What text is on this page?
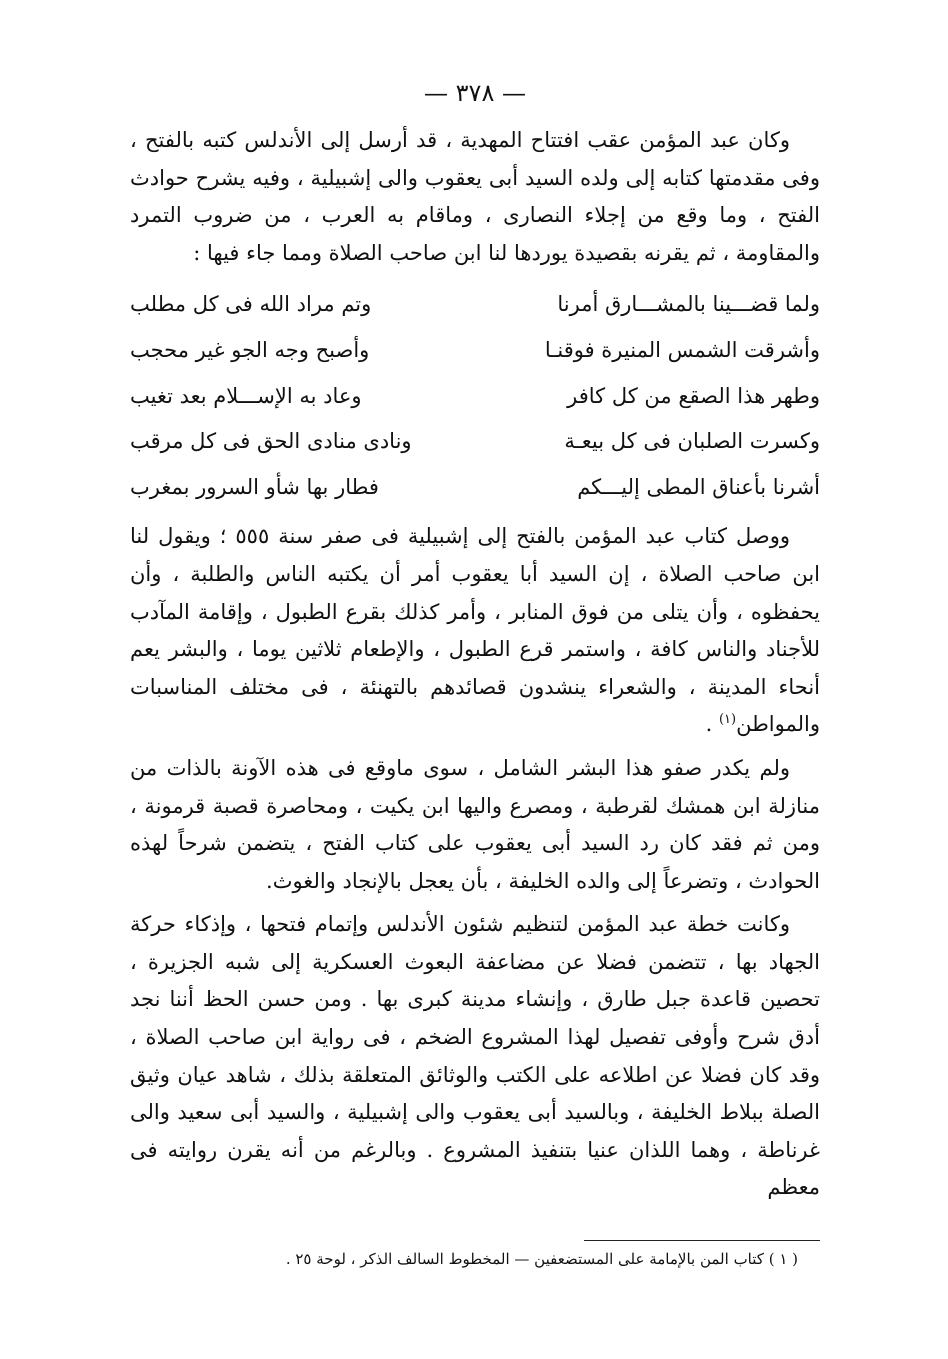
— ٣٧٨ —

وكان عبد المؤمن عقب افتتاح المهدية ، قد أرسل إلى الأندلس كتبه بالفتح ، وفى مقدمتها كتابه إلى ولده السيد أبى يعقوب والى إشبيلية ، وفيه يشرح حوادث الفتح ، وما وقع من إجلاء النصارى ، وماقام به العرب ، من ضروب التمرد والمقاومة ، ثم يقرنه بقصيدة يوردها لنا ابن صاحب الصلاة ومما جاء فيها :

ولما قضـــينا بالمشـــارق أمرنا
وتم مراد الله فى كل مطلب
وأشرقت الشمس المنيرة فوقنـا
وأصبح وجه الجو غير محجب
وطهر هذا الصقع من كل كافر
وعاد به الإســـلام بعد تغيب
وكسرت الصلبان فى كل بيعـة
ونادى منادى الحق فى كل مرقب
أشرنا بأعناق المطى إليـــكم
فطار بها شأو السرور بمغرب

ووصل كتاب عبد المؤمن بالفتح إلى إشبيلية فى صفر سنة ٥٥٥ ؛ ويقول لنا ابن صاحب الصلاة ، إن السيد أبا يعقوب أمر أن يكتبه الناس والطلبة ، وأن يحفظوه ، وأن يتلى من فوق المنابر ، وأمر كذلك بقرع الطبول ، وإقامة المآدب للأجناد والناس كافة ، واستمر قرع الطبول ، والإطعام ثلاثين يوما ، والبشر يعم أنحاء المدينة ، والشعراء ينشدون قصائدهم بالتهنئة ، فى مختلف المناسبات والمواطن$^{(١)}$ .

ولم يكدر صفو هذا البشر الشامل ، سوى ماوقع فى هذه الآونة بالذات من منازلة ابن همشك لقرطبة ، ومصرع واليها ابن يكيت ، ومحاصرة قصبة قرمونة ، ومن ثم فقد كان رد السيد أبى يعقوب على كتاب الفتح ، يتضمن شرحاً لهذه الحوادث ، وتضرعاً إلى والده الخليفة ، بأن يعجل بالإنجاد والغوث.

وكانت خطة عبد المؤمن لتنظيم شئون الأندلس وإتمام فتحها ، وإذكاء حركة الجهاد بها ، تتضمن فضلا عن مضاعفة البعوث العسكرية إلى شبه الجزيرة ، تحصين قاعدة جبل طارق ، وإنشاء مدينة كبرى بها . ومن حسن الحظ أننا نجد أدق شرح وأوفى تفصيل لهذا المشروع الضخم ، فى رواية ابن صاحب الصلاة ، وقد كان فضلا عن اطلاعه على الكتب والوثائق المتعلقة بذلك ، شاهد عيان وثيق الصلة ببلاط الخليفة ، وبالسيد أبى يعقوب والى إشبيلية ، والسيد أبى سعيد والى غرناطة ، وهما اللذان عنيا بتنفيذ المشروع . وبالرغم من أنه يقرن روايته فى معظم

( ١ ) كتاب المن بالإمامة على المستضعفين — المخطوط السالف الذكر ، لوحة ٢٥ .
